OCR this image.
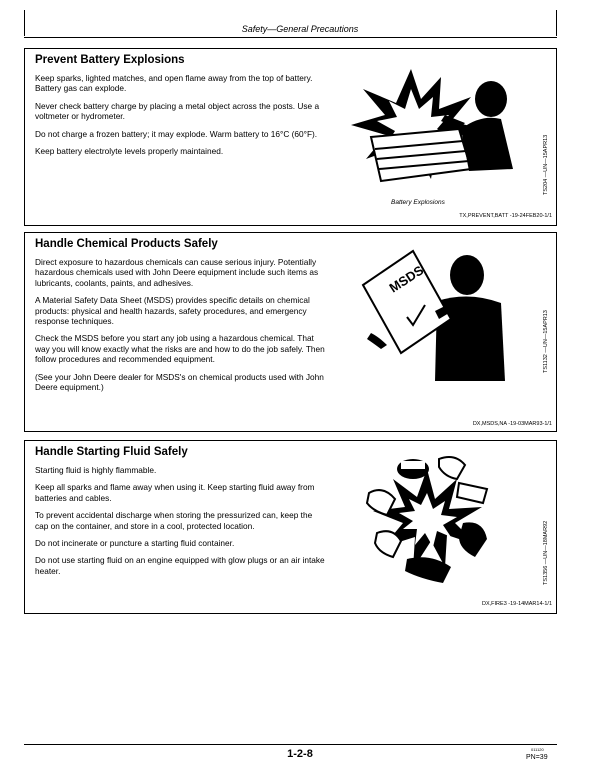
Safety—General Precautions
Prevent Battery Explosions

Keep sparks, lighted matches, and open flame away from the top of battery. Battery gas can explode.

Never check battery charge by placing a metal object across the posts. Use a voltmeter or hydrometer.

Do not charge a frozen battery; it may explode. Warm battery to 16°C (60°F).

Keep battery electrolyte levels properly maintained.	TS204 —UN—15APR13
Battery Explosions
TX,PREVENT,BATT -19-24FEB20-1/1
Handle Chemical Products Safely

Direct exposure to hazardous chemicals can cause serious injury. Potentially hazardous chemicals used with John Deere equipment include such items as lubricants, coolants, paints, and adhesives.

A Material Safety Data Sheet (MSDS) provides specific details on chemical products: physical and health hazards, safety procedures, and emergency response techniques.

Check the MSDS before you start any job using a hazardous chemical. That way you will know exactly what the risks are and how to do the job safely. Then follow procedures and recommended equipment.

(See your John Deere dealer for MSDS's on chemical products used with John Deere equipment.)

MSDS
TS1132 —UN—15APR13
DX,MSDS,NA -19-03MAR93-1/1
Handle Starting Fluid Safely

Starting fluid is highly flammable.

Keep all sparks and flame away when using it. Keep starting fluid away from batteries and cables.

To prevent accidental discharge when storing the pressurized can, keep the cap on the container, and store in a cool, protected location.

Do not incinerate or puncture a starting fluid container.

Do not use starting fluid on an engine equipped with glow plugs or an air intake heater.	TS1356 —UN—18MAR92
DX,FIRE3 -19-14MAR14-1/1
1-2-8	011120
PN=39
